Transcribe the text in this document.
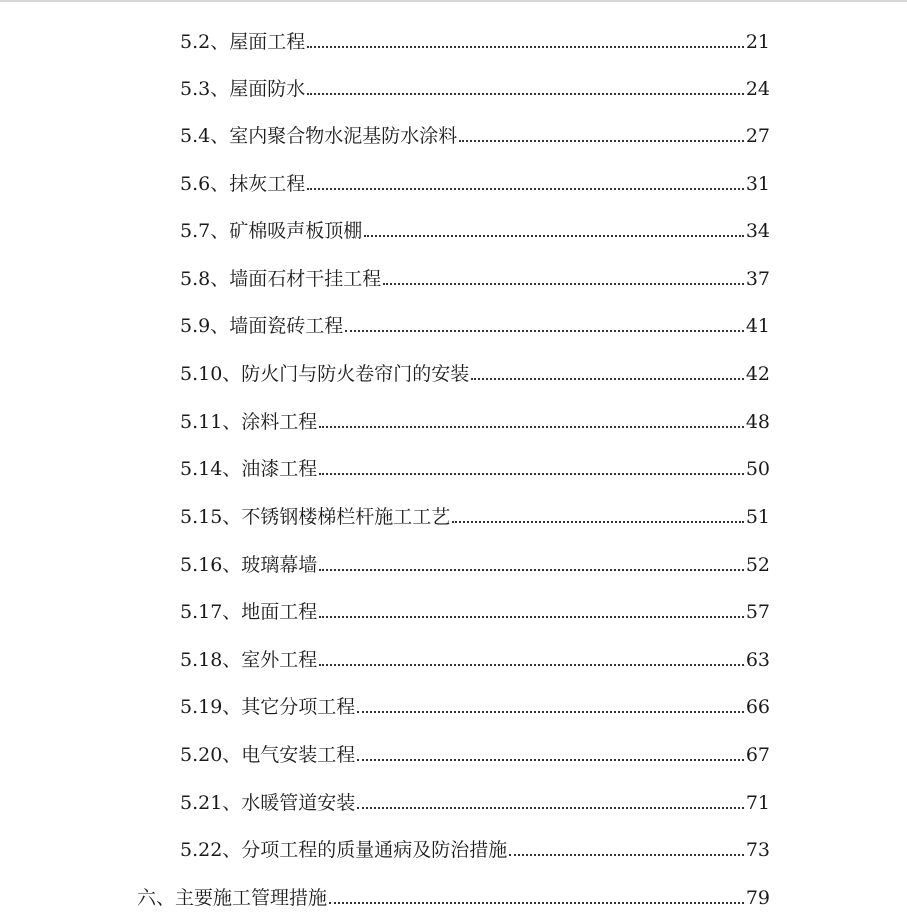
5.2、屋面工程	21
5.3、屋面防水	24
5.4、室内聚合物水泥基防水涂料	27
5.6、抹灰工程	31
5.7、矿棉吸声板顶棚	34
5.8、墙面石材干挂工程	37
5.9、墙面瓷砖工程	41
5.10、防火门与防火卷帘门的安装	42
5.11、涂料工程	48
5.14、油漆工程	50
5.15、不锈钢楼梯栏杆施工工艺	51
5.16、玻璃幕墙	52
5.17、地面工程	57
5.18、室外工程	63
5.19、其它分项工程	66
5.20、电气安装工程	67
5.21、水暖管道安装	71
5.22、分项工程的质量通病及防治措施	73
六、主要施工管理措施	79
